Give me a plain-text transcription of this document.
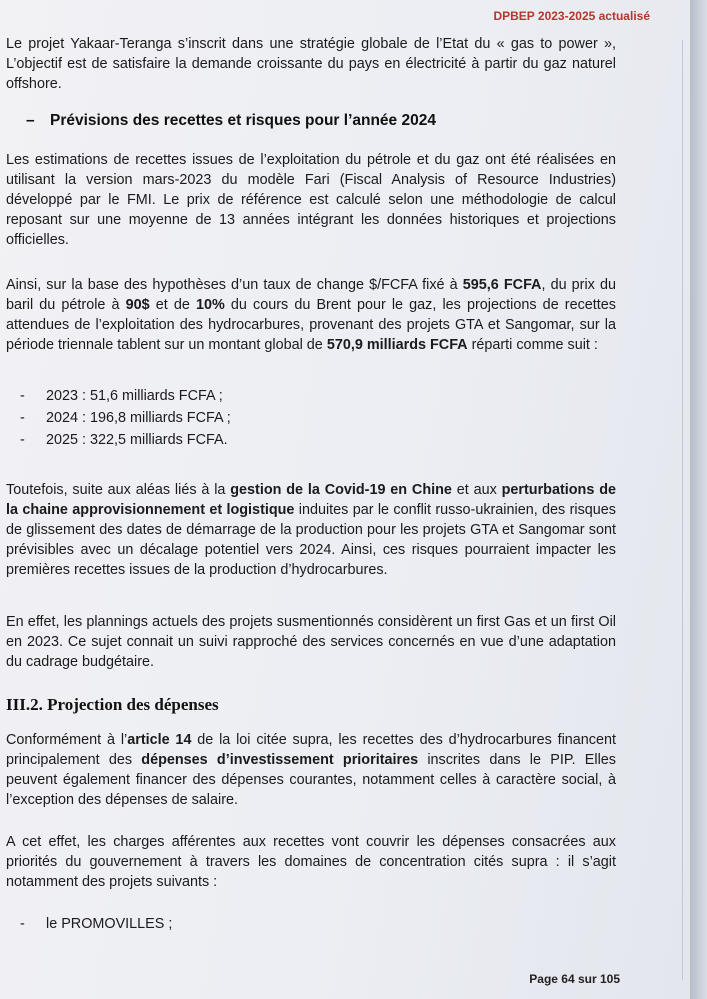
DPBEP 2023-2025 actualisé

Le projet Yakaar-Teranga s’inscrit dans une stratégie globale de l’Etat du « gas to power », L’objectif est de satisfaire la demande croissante du pays en électricité à partir du gaz naturel offshore.

– Prévisions des recettes et risques pour l’année 2024

Les estimations de recettes issues de l’exploitation du pétrole et du gaz ont été réalisées en utilisant la version mars-2023 du modèle Fari (Fiscal Analysis of Resource Industries) développé par le FMI. Le prix de référence est calculé selon une méthodologie de calcul reposant sur une moyenne de 13 années intégrant les données historiques et projections officielles.

Ainsi, sur la base des hypothèses d’un taux de change $/FCFA fixé à 595,6 FCFA, du prix du baril du pétrole à 90$ et de 10% du cours du Brent pour le gaz, les projections de recettes attendues de l’exploitation des hydrocarbures, provenant des projets GTA et Sangomar, sur la période triennale tablent sur un montant global de 570,9 milliards FCFA réparti comme suit :

- 2023 : 51,6 milliards FCFA ;
- 2024 : 196,8 milliards FCFA ;
- 2025 : 322,5 milliards FCFA.

Toutefois, suite aux aléas liés à la gestion de la Covid-19 en Chine et aux perturbations de la chaine approvisionnement et logistique induites par le conflit russo-ukrainien, des risques de glissement des dates de démarrage de la production pour les projets GTA et Sangomar sont prévisibles avec un décalage potentiel vers 2024. Ainsi, ces risques pourraient impacter les premières recettes issues de la production d’hydrocarbures.

En effet, les plannings actuels des projets susmentionnés considèrent un first Gas et un first Oil en 2023. Ce sujet connait un suivi rapproché des services concernés en vue d’une adaptation du cadrage budgétaire.

III.2. Projection des dépenses

Conformément à l’article 14 de la loi citée supra, les recettes des d’hydrocarbures financent principalement des dépenses d’investissement prioritaires inscrites dans le PIP. Elles peuvent également financer des dépenses courantes, notamment celles à caractère social, à l’exception des dépenses de salaire.

A cet effet, les charges afférentes aux recettes vont couvrir les dépenses consacrées aux priorités du gouvernement à travers les domaines de concentration cités supra : il s’agit notamment des projets suivants :

- le PROMOVILLES ;
Page 64 sur 105
